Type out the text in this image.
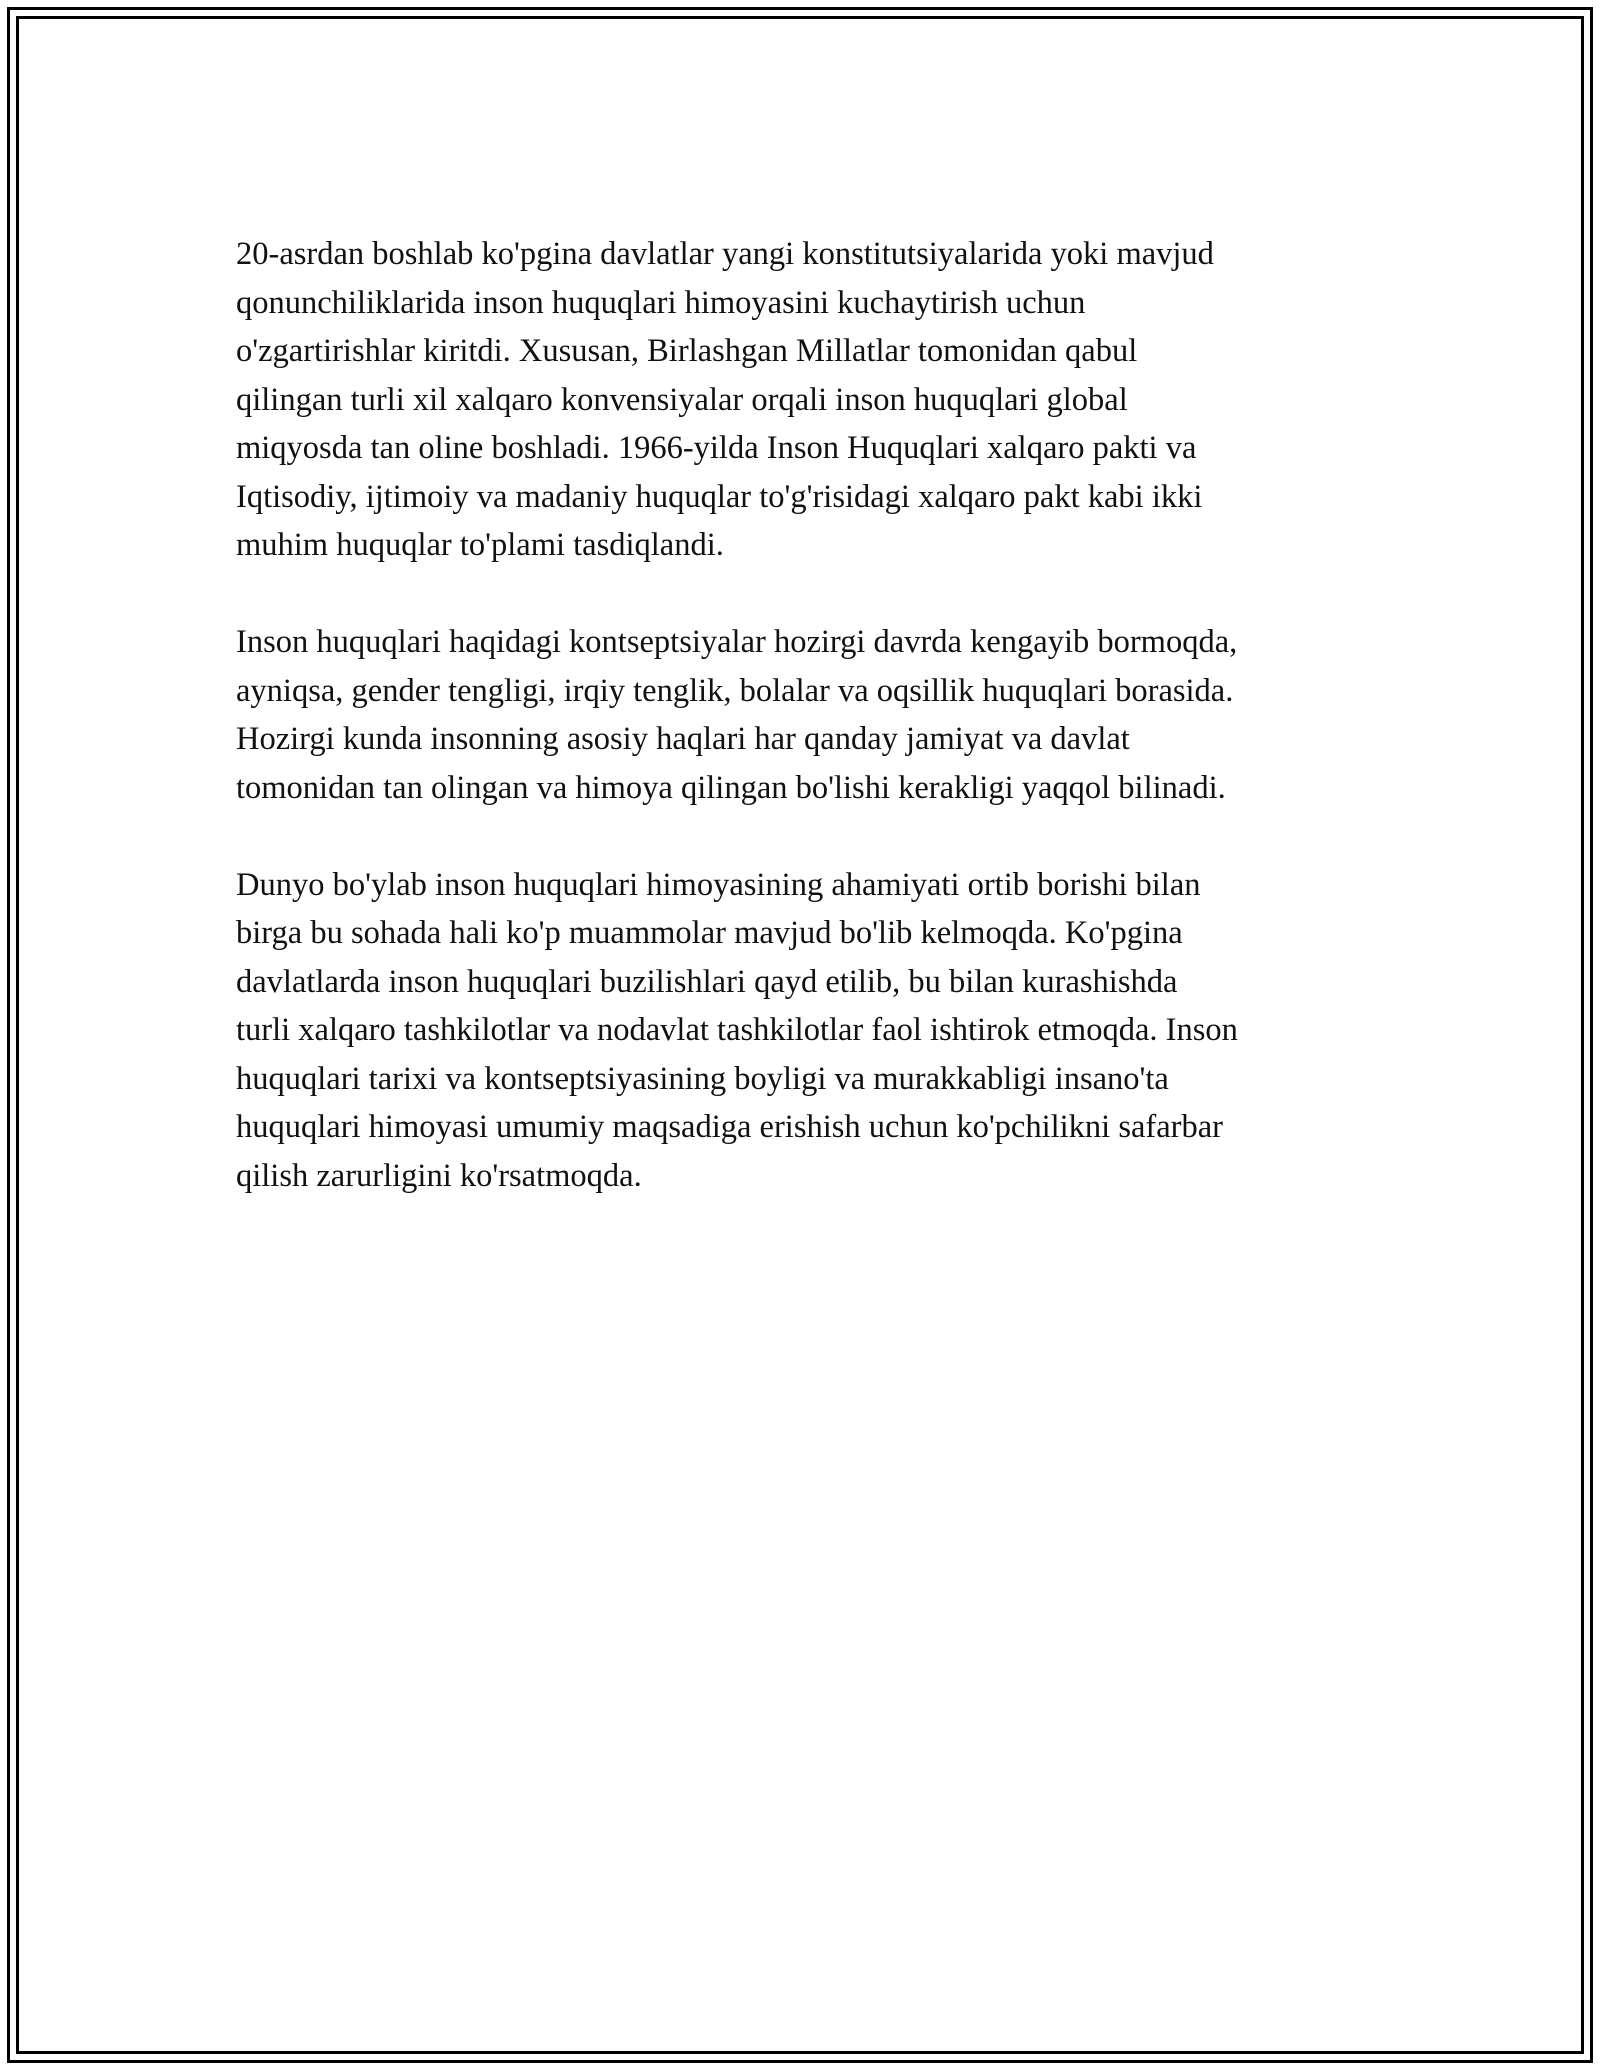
20-asrdan boshlab ko'pgina davlatlar yangi konstitutsiyalarida yoki mavjud
qonunchiliklarida inson huquqlari himoyasini kuchaytirish uchun
o'zgartirishlar kiritdi. Xususan, Birlashgan Millatlar tomonidan qabul
qilingan turli xil xalqaro konvensiyalar orqali inson huquqlari global
miqyosda tan oline boshladi. 1966-yilda Inson Huquqlari xalqaro pakti va
Iqtisodiy, ijtimoiy va madaniy huquqlar to'g'risidagi xalqaro pakt kabi ikki
muhim huquqlar to'plami tasdiqlandi.

Inson huquqlari haqidagi kontseptsiyalar hozirgi davrda kengayib bormoqda,
ayniqsa, gender tengligi, irqiy tenglik, bolalar va oqsillik huquqlari borasida.
Hozirgi kunda insonning asosiy haqlari har qanday jamiyat va davlat
tomonidan tan olingan va himoya qilingan bo'lishi kerakligi yaqqol bilinadi.

Dunyo bo'ylab inson huquqlari himoyasining ahamiyati ortib borishi bilan
birga bu sohada hali ko'p muammolar mavjud bo'lib kelmoqda. Ko'pgina
davlatlarda inson huquqlari buzilishlari qayd etilib, bu bilan kurashishda
turli xalqaro tashkilotlar va nodavlat tashkilotlar faol ishtirok etmoqda. Inson
huquqlari tarixi va kontseptsiyasining boyligi va murakkabligi insano'ta
huquqlari himoyasi umumiy maqsadiga erishish uchun ko'pchilikni safarbar
qilish zarurligini ko'rsatmoqda.
